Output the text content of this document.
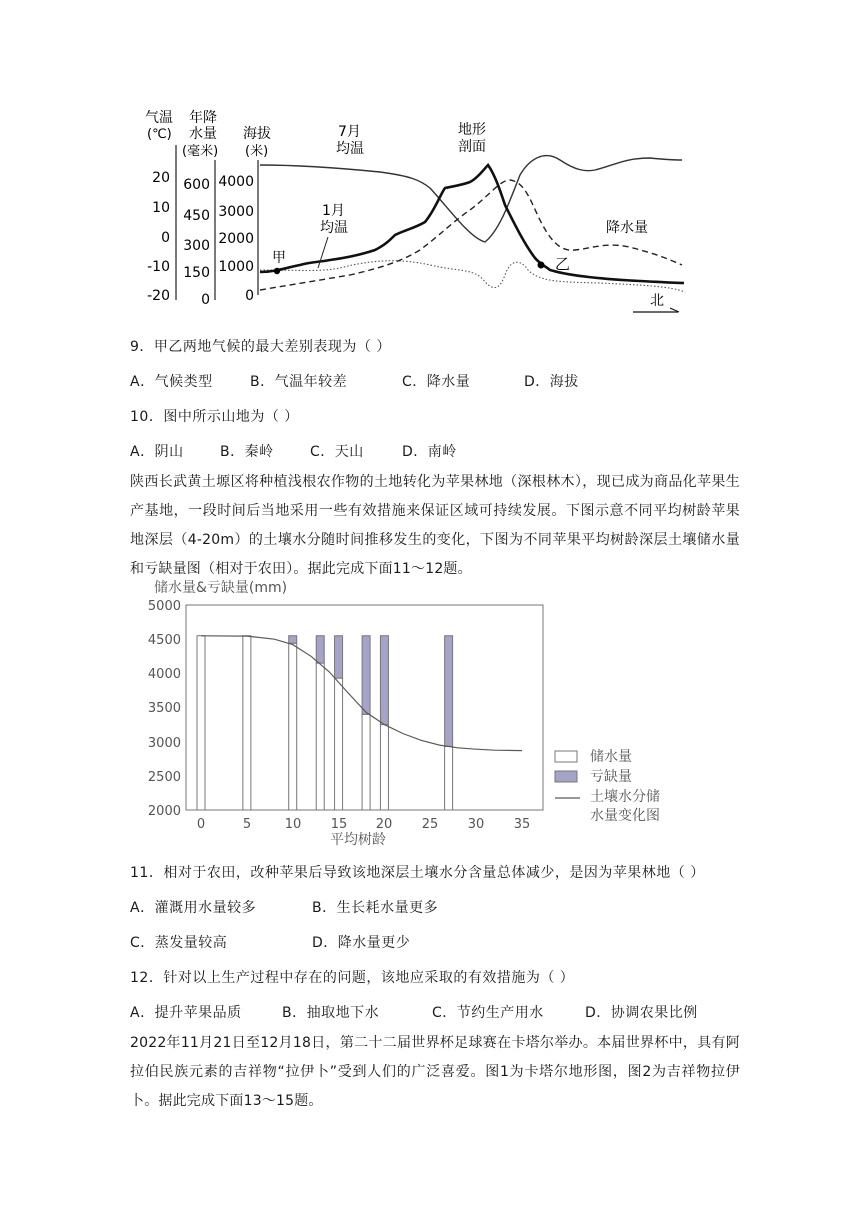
气温
(℃)
年降
水量
(毫米)
海拔
(米)
20
10
0
-10
-20
600
450
300
150
0
4000
3000
2000
1000
0
甲	乙
7月
均温
1月
均温
地形
剖面
降水量
北
9．甲乙两地气候的最大差别表现为（ ）
A．气候类型	B．气温年较差	C．降水量	D．海拔
10．图中所示山地为（ ）
A．阴山	B．秦岭	C．天山	D．南岭
陕西长武黄土塬区将种植浅根农作物的土地转化为苹果林地（深根林木），现已成为商品化苹果生产基地，一段时间后当地采用一些有效措施来保证区域可持续发展。下图示意不同平均树龄苹果地深层（4-20m）的土壤水分随时间推移发生的变化，下图为不同苹果平均树龄深层土壤储水量和亏缺量图（相对于农田）。据此完成下面11～12题。
储水量&亏缺量(mm)
5000
4500
4000
3500
3000
2500
2000
0	5	10 15 20 25 30 35
储水量
亏缺量
土壤水分储
水量变化图
平均树龄
11．相对于农田，改种苹果后导致该地深层土壤水分含量总体减少，是因为苹果林地（ ）
A．灌溉用水量较多	B．生长耗水量更多
C．蒸发量较高	D．降水量更少
12．针对以上生产过程中存在的问题，该地应采取的有效措施为（ ）
A．提升苹果品质	B．抽取地下水	C．节约生产用水	D．协调农果比例
2022年11月21日至12月18日，第二十二届世界杯足球赛在卡塔尔举办。本届世界杯中，具有阿拉伯民族元素的吉祥物“拉伊卜”受到人们的广泛喜爱。图1为卡塔尔地形图，图2为吉祥物拉伊卜。据此完成下面13～15题。
